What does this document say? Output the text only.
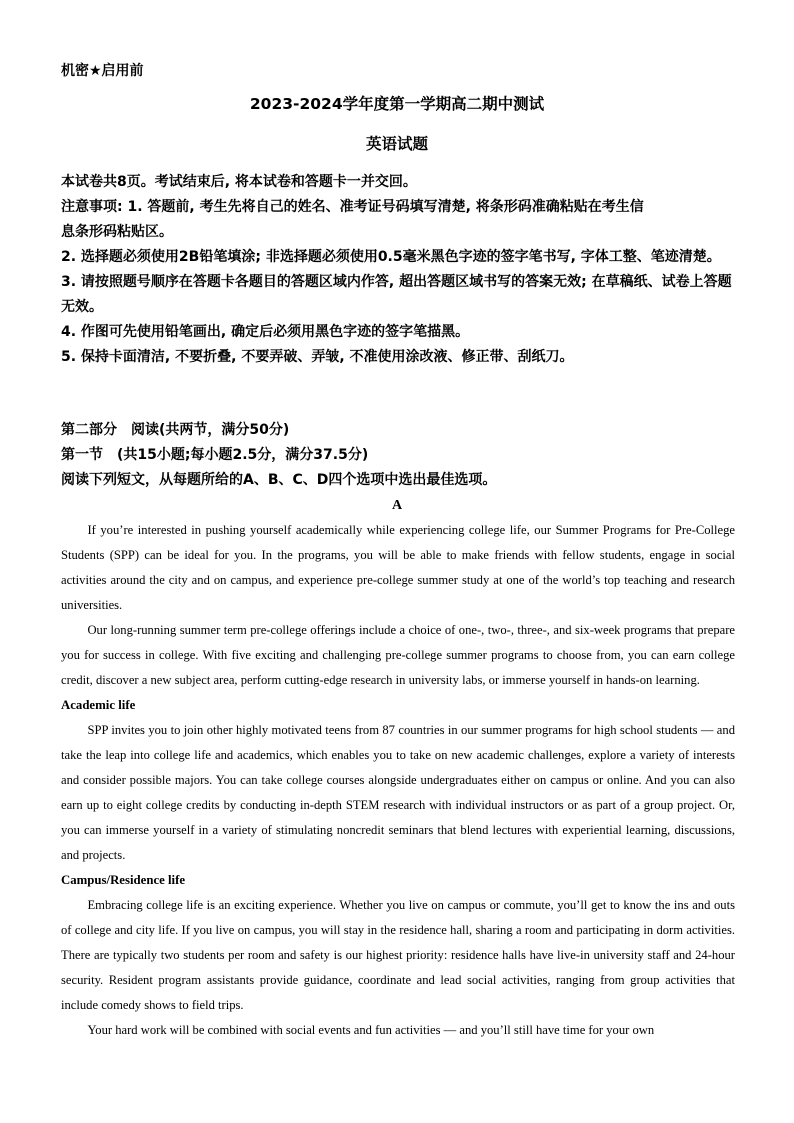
机密★启用前
2023-2024学年度第一学期高二期中测试
英语试题

本试卷共8页。考试结束后, 将本试卷和答题卡一并交回。

注意事项: 1. 答题前, 考生先将自己的姓名、准考证号码填写清楚, 将条形码准确粘贴在考生信

息条形码粘贴区。

2. 选择题必须使用2B铅笔填涂; 非选择题必须使用0.5毫米黑色字迹的签字笔书写, 字体工整、笔迹清楚。

3. 请按照题号顺序在答题卡各题目的答题区域内作答, 超出答题区域书写的答案无效; 在草稿纸、试卷上答题无效。

4. 作图可先使用铅笔画出, 确定后必须用黑色字迹的签字笔描黑。

5. 保持卡面清洁, 不要折叠, 不要弄破、弄皱, 不准使用涂改液、修正带、刮纸刀。

第二部分　阅读(共两节，满分50分)

第一节　(共15小题;每小题2.5分，满分37.5分)

阅读下列短文，从每题所给的A、B、C、D四个选项中选出最佳选项。

A

If you’re interested in pushing yourself academically while experiencing college life, our Summer Programs for Pre-College Students (SPP) can be ideal for you. In the programs, you will be able to make friends with fellow students, engage in social activities around the city and on campus, and experience pre-college summer study at one of the world’s top teaching and research universities.

Our long-running summer term pre-college offerings include a choice of one-, two-, three-, and six-week programs that prepare you for success in college. With five exciting and challenging pre-college summer programs to choose from, you can earn college credit, discover a new subject area, perform cutting-edge research in university labs, or immerse yourself in hands-on learning.

Academic life

SPP invites you to join other highly motivated teens from 87 countries in our summer programs for high school students — and take the leap into college life and academics, which enables you to take on new academic challenges, explore a variety of interests and consider possible majors. You can take college courses alongside undergraduates either on campus or online. And you can also earn up to eight college credits by conducting in-depth STEM research with individual instructors or as part of a group project. Or, you can immerse yourself in a variety of stimulating noncredit seminars that blend lectures with experiential learning, discussions, and projects.

Campus/Residence life

Embracing college life is an exciting experience. Whether you live on campus or commute, you’ll get to know the ins and outs of college and city life. If you live on campus, you will stay in the residence hall, sharing a room and participating in dorm activities. There are typically two students per room and safety is our highest priority: residence halls have live-in university staff and 24-hour security. Resident program assistants provide guidance, coordinate and lead social activities, ranging from group activities that include comedy shows to field trips.

Your hard work will be combined with social events and fun activities — and you’ll still have time for your own
